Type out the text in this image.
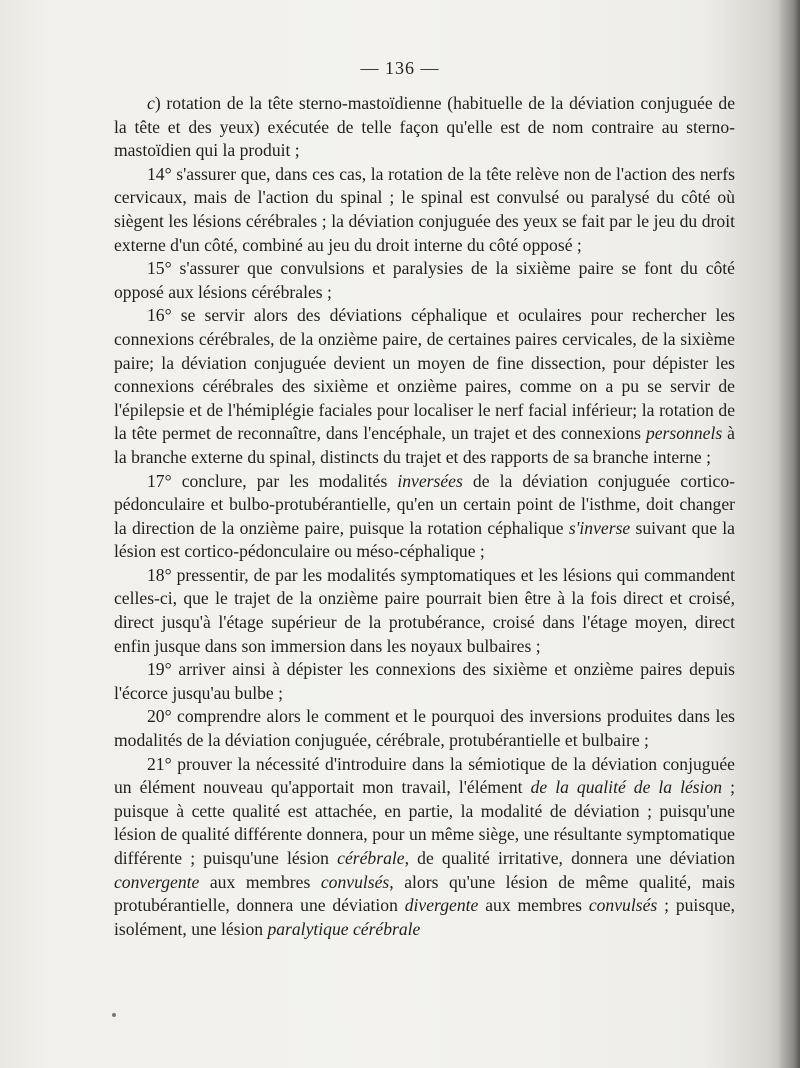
— 136 —

c) rotation de la tête sterno-mastoïdienne (habituelle de la déviation conjuguée de la tête et des yeux) exécutée de telle façon qu'elle est de nom contraire au sterno-mastoïdien qui la produit ;

14° s'assurer que, dans ces cas, la rotation de la tête relève non de l'action des nerfs cervicaux, mais de l'action du spinal ; le spinal est convulsé ou paralysé du côté où siègent les lésions cérébrales ; la déviation conjuguée des yeux se fait par le jeu du droit externe d'un côté, combiné au jeu du droit interne du côté opposé ;

15° s'assurer que convulsions et paralysies de la sixième paire se font du côté opposé aux lésions cérébrales ;

16° se servir alors des déviations céphalique et oculaires pour rechercher les connexions cérébrales, de la onzième paire, de certaines paires cervicales, de la sixième paire; la déviation conjuguée devient un moyen de fine dissection, pour dépister les connexions cérébrales des sixième et onzième paires, comme on a pu se servir de l'épilepsie et de l'hémiplégie faciales pour localiser le nerf facial inférieur; la rotation de la tête permet de reconnaître, dans l'encéphale, un trajet et des connexions personnels à la branche externe du spinal, distincts du trajet et des rapports de sa branche interne ;

17° conclure, par les modalités inversées de la déviation conjuguée cortico-pédonculaire et bulbo-protubérantielle, qu'en un certain point de l'isthme, doit changer la direction de la onzième paire, puisque la rotation céphalique s'inverse suivant que la lésion est cortico-pédonculaire ou méso-céphalique ;

18° pressentir, de par les modalités symptomatiques et les lésions qui commandent celles-ci, que le trajet de la onzième paire pourrait bien être à la fois direct et croisé, direct jusqu'à l'étage supérieur de la protubérance, croisé dans l'étage moyen, direct enfin jusque dans son immersion dans les noyaux bulbaires ;

19° arriver ainsi à dépister les connexions des sixième et onzième paires depuis l'écorce jusqu'au bulbe ;

20° comprendre alors le comment et le pourquoi des inversions produites dans les modalités de la déviation conjuguée, cérébrale, protubérantielle et bulbaire ;

21° prouver la nécessité d'introduire dans la sémiotique de la déviation conjuguée un élément nouveau qu'apportait mon travail, l'élément de la qualité de la lésion ; puisque à cette qualité est attachée, en partie, la modalité de déviation ; puisqu'une lésion de qualité différente donnera, pour un même siège, une résultante symptomatique différente ; puisqu'une lésion cérébrale, de qualité irritative, donnera une déviation convergente aux membres convulsés, alors qu'une lésion de même qualité, mais protubérantielle, donnera une déviation divergente aux membres convulsés ; puisque, isolément, une lésion paralytique cérébrale
